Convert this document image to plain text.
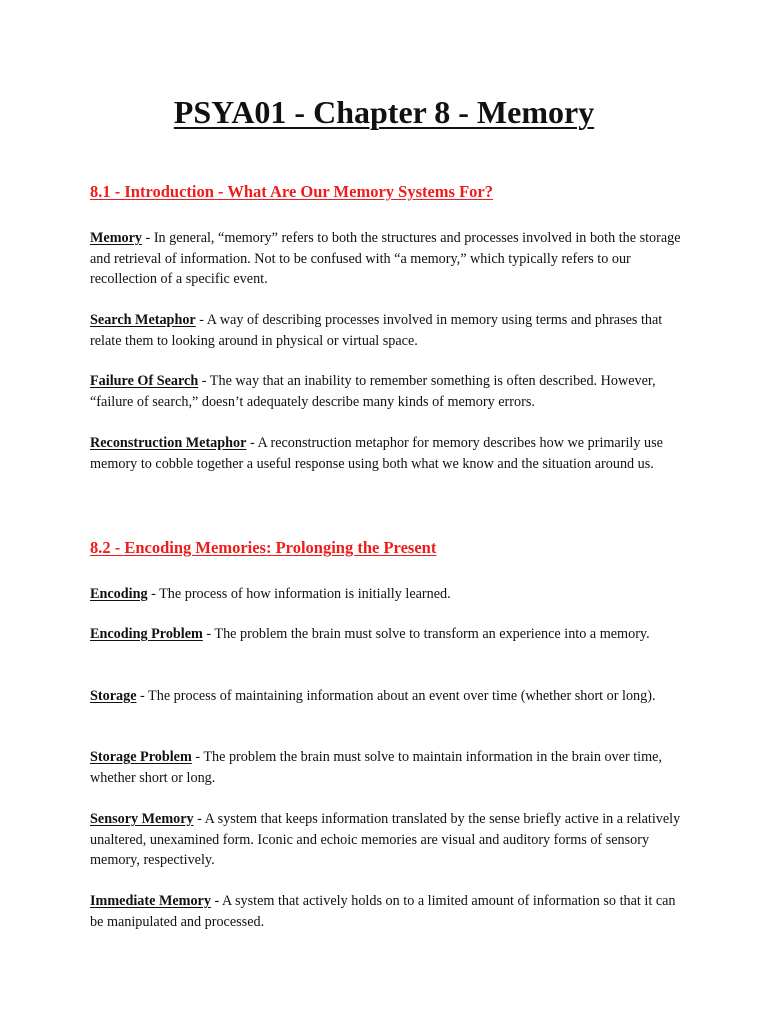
PSYA01 - Chapter 8 - Memory
8.1 - Introduction - What Are Our Memory Systems For?

Memory - In general, “memory” refers to both the structures and processes involved in both the storage and retrieval of information. Not to be confused with “a memory,” which typically refers to our recollection of a specific event.

Search Metaphor - A way of describing processes involved in memory using terms and phrases that relate them to looking around in physical or virtual space.

Failure Of Search - The way that an inability to remember something is often described. However, “failure of search,” doesn’t adequately describe many kinds of memory errors.

Reconstruction Metaphor - A reconstruction metaphor for memory describes how we primarily use memory to cobble together a useful response using both what we know and the situation around us.

8.2 - Encoding Memories: Prolonging the Present

Encoding - The process of how information is initially learned.

Encoding Problem - The problem the brain must solve to transform an experience into a memory.

Storage - The process of maintaining information about an event over time (whether short or long).

Storage Problem - The problem the brain must solve to maintain information in the brain over time, whether short or long.

Sensory Memory - A system that keeps information translated by the sense briefly active in a relatively unaltered, unexamined form. Iconic and echoic memories are visual and auditory forms of sensory memory, respectively.

Immediate Memory - A system that actively holds on to a limited amount of information so that it can be manipulated and processed.
